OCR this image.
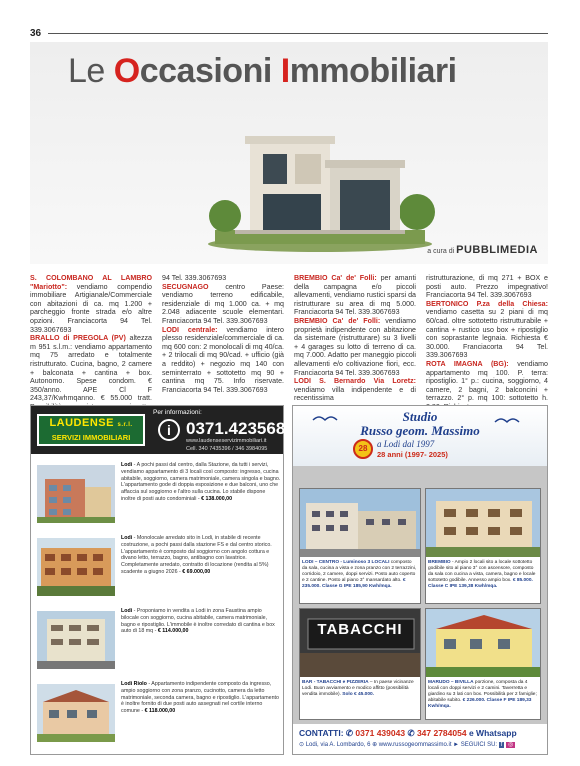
36
Le Occasioni Immobiliari
a cura di PUBBLIMEDIA
S. COLOMBANO AL LAMBRO "Mariotto": vendiamo compendio immobiliare Artigianale/Commerciale con abitazioni di ca. mq 1.200 + parcheggio fronte strada e/o altre opzioni. Franciacorta 94 Tel. 339.3067693
BRALLO di PREGOLA (PV) altezza m 951 s.l.m.: vendiamo appartamento mq 75 arredato e totalmente ristrutturato. Cucina, bagno, 2 camere + balconata + cantina + box. Autonomo. Spese condom. € 350/anno. APE Cl F 243,37/Kwhmqanno. € 55.000 tratt.

94 Tel. 339.3067693
SECUGNAGO centro Paese: vendiamo terreno edificabile, residenziale di mq 1.000 ca. + mq 2.048 adiacente scuole elementari. Franciacorta 94 Tel. 339.3067693
LODI centrale: vendiamo intero plesso residenziale/commerciale di ca. mq 600 con: 2 monolocali di mq 40/ca. + 2 trilocali di mq 90/cad. + ufficio (già a reddito) + negozio mq 140 con seminterrato + sottotetto mq 90 + cantina mq 75. Info riservate. Franciacorta 94 Tel. 339.3067693

BREMBIO Ca' de' Folli: per amanti della campagna e/o piccoli allevamenti, vendiamo rustici sparsi da ristrutturare su area di mq 5.000. Franciacorta 94 Tel. 339.3067693
BREMBIO Ca' de' Folli: vendiamo proprietà indipendente con abitazione da sistemare (ristrutturare) su 3 livelli + 4 garages su lotto di terreno di ca. mq 7.000. Adatto per maneggio piccoli allevamenti e/o coltivazione fiori, ecc. Franciacorta 94 Tel. 339.3067693
LODI S. Bernardo Via Loretz: vendiamo villa indipendente e di recentissima

ristrutturazione, di mq 271 + BOX e posti auto. Prezzo impegnativo! Franciacorta 94 Tel. 339.3067693
BERTONICO P.za della Chiesa: vendiamo casetta su 2 piani di mq 60/cad. oltre sottotetto ristrutturabile + cantina + rustico uso box + ripostiglio con soprastante legnaia. Richiesta € 30.000. Franciacorta 94 Tel. 339.3067693
ROTA IMAGNA (BG): vendiamo appartamento mq 100. P. terra: ripostiglio. 1° p.: cucina, soggiorno, 4 camere, 2 bagni, 2 balconcini + terrazzo. 2° p. mq 100: sottotetto h.

LAUDENSE s.r.l.
SERVIZI IMMOBILIARI
Per informazioni:
i 0371.423568
www.laudenseservizimmobiliari.it
Cell. 340 7435396 / 346 3984095
Lodi - A pochi passi dal centro, dalla Stazione, da tutti i servizi, vendiamo appartamento di 3 locali così composto: ingresso, cucina abitabile, soggiorno, camera matrimoniale, camera singola e bagno. L'appartamento gode di doppia esposizione e due balconi, uno che affaccia sul soggiorno e l'altro sulla cucina. Lo stabile dispone inoltre di posti auto condominiali - € 138.000,00
Lodi - Monolocale arredato sito in Lodi, in stabile di recente costruzione, a pochi passi dalla stazione FS e dal centro storico. L'appartamento è composto dal soggiorno con angolo cottura e divano letto, terrazzo, bagno, antibagno con lavatrice. Completamente arredato, contratto di locazione (rendita al 5%) scadente a giugno 2026 - € 69.000,00
Lodi - Proponiamo in vendita a Lodi in zona Faustina ampio bilocale con soggiorno, cucina abitabile, camera matrimoniale, bagno e ripostiglio. L'immobile è inoltre corredato di cantina e box auto di 18 mq - € 114.000,00
Lodi Riolo - Appartamento indipendente composto da ingresso, ampio soggiorno con zona pranzo, cucinotto, camera da letto matrimoniale, seconda camera, bagno e ripostiglio. L'appartamento è inoltre fornito di due posti auto assegnati nel cortile interno comune - € 118.000,00
Studio
Russo geom. Massimo
28	a Lodi dal 1997
28 anni (1997- 2025)
LODI – CENTRO - Luminoso 3 LOCALI composto da sala, cucina a vista e zona pranzo con 2 terrazzini, corridoio, 2 camere, doppi servizi. Posto auto coperto e 2 cantine. Posto al piano 3° mansardato alto. € 235.000. Classe G IPE 185,90 Kwh/mqa.
BREMBIO - Ampio 2 locali sito a locale sottotetto godibile sito al piano 3° con ascensore, composto da sala con cucina a vista, camera, bagno e locale sottotetto godibile. Annesso ampio box. € 85.000. Classe C IPE 139,38 Kwh/mqa.
TABACCHI
BAR - TABACCHI e PIZZERIA – In paese vicinanze Lodi. Buon avviamento e modico affitto (possibilità vendita immobile). Solo € 45.000.
MARUDO – BIVILLA porzione, composta da 4 locali con doppi servizi e 2 camini. Taverretta e giardino su 3 lati con box. Possibilità per 2 famiglie; abitabile subito. € 226.000. Classe F IPE 189,33 Kwh/mqa.
CONTATTI: ✆ 0371 439043 ✆ 347 2784054 e Whatsapp
⊙ Lodi, via A. Lombardo, 6 ⊕ www.russogeommassimo.it ► SEGUICI SU: f ◎
